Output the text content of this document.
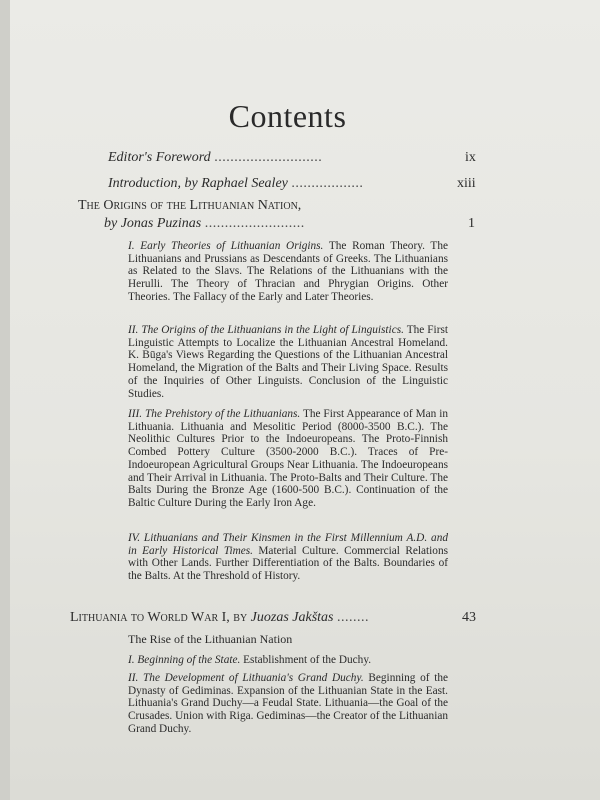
Contents
Editor's Foreword ...........................	ix
Introduction, by Raphael Sealey ..................	xiii
The Origins of the Lithuanian Nation,
by Jonas Puzinas .........................	1
I. Early Theories of Lithuanian Origins. The Roman Theory. The Lithuanians and Prussians as Descendants of Greeks. The Lithuanians as Related to the Slavs. The Relations of the Lithuanians with the Herulli. The Theory of Thracian and Phrygian Origins. Other Theories. The Fallacy of the Early and Later Theories.
II. The Origins of the Lithuanians in the Light of Linguistics. The First Linguistic Attempts to Localize the Lithuanian Ancestral Homeland. K. Būga's Views Regarding the Questions of the Lithuanian Ancestral Homeland, the Migration of the Balts and Their Living Space. Results of the Inquiries of Other Linguists. Conclusion of the Linguistic Studies.
III. The Prehistory of the Lithuanians. The First Appearance of Man in Lithuania. Lithuania and Mesolitic Period (8000-3500 B.C.). The Neolithic Cultures Prior to the Indoeuropeans. The Proto-Finnish Combed Pottery Culture (3500-2000 B.C.). Traces of Pre-Indoeuropean Agricultural Groups Near Lithuania. The Indoeuropeans and Their Arrival in Lithuania. The Proto-Balts and Their Culture. The Balts During the Bronze Age (1600-500 B.C.). Continuation of the Baltic Culture During the Early Iron Age.
IV. Lithuanians and Their Kinsmen in the First Millennium A.D. and in Early Historical Times. Material Culture. Commercial Relations with Other Lands. Further Differentiation of the Balts. Boundaries of the Balts. At the Threshold of History.
Lithuania to World War I, by Juozas Jakštas ........	43
The Rise of the Lithuanian Nation
I. Beginning of the State. Establishment of the Duchy.
II. The Development of Lithuania's Grand Duchy. Beginning of the Dynasty of Gediminas. Expansion of the Lithuanian State in the East. Lithuania's Grand Duchy—a Feudal State. Lithuania—the Goal of the Crusades. Union with Riga. Gediminas—the Creator of the Lithuanian Grand Duchy.
